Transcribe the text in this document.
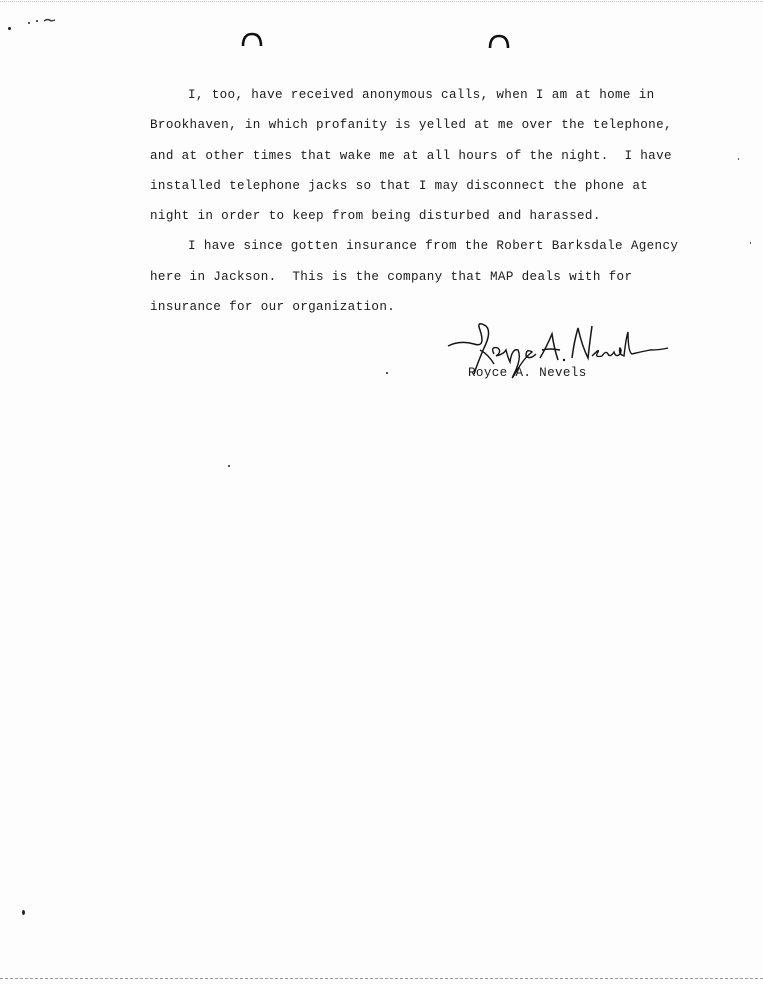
I, too, have received anonymous calls, when I am at home in
Brookhaven, in which profanity is yelled at me over the telephone,
and at other times that wake me at all hours of the night.  I have
installed telephone jacks so that I may disconnect the phone at
night in order to keep from being disturbed and harassed.

I have since gotten insurance from the Robert Barksdale Agency
here in Jackson.  This is the company that MAP deals with for
insurance for our organization.

Royce A. Nevels
